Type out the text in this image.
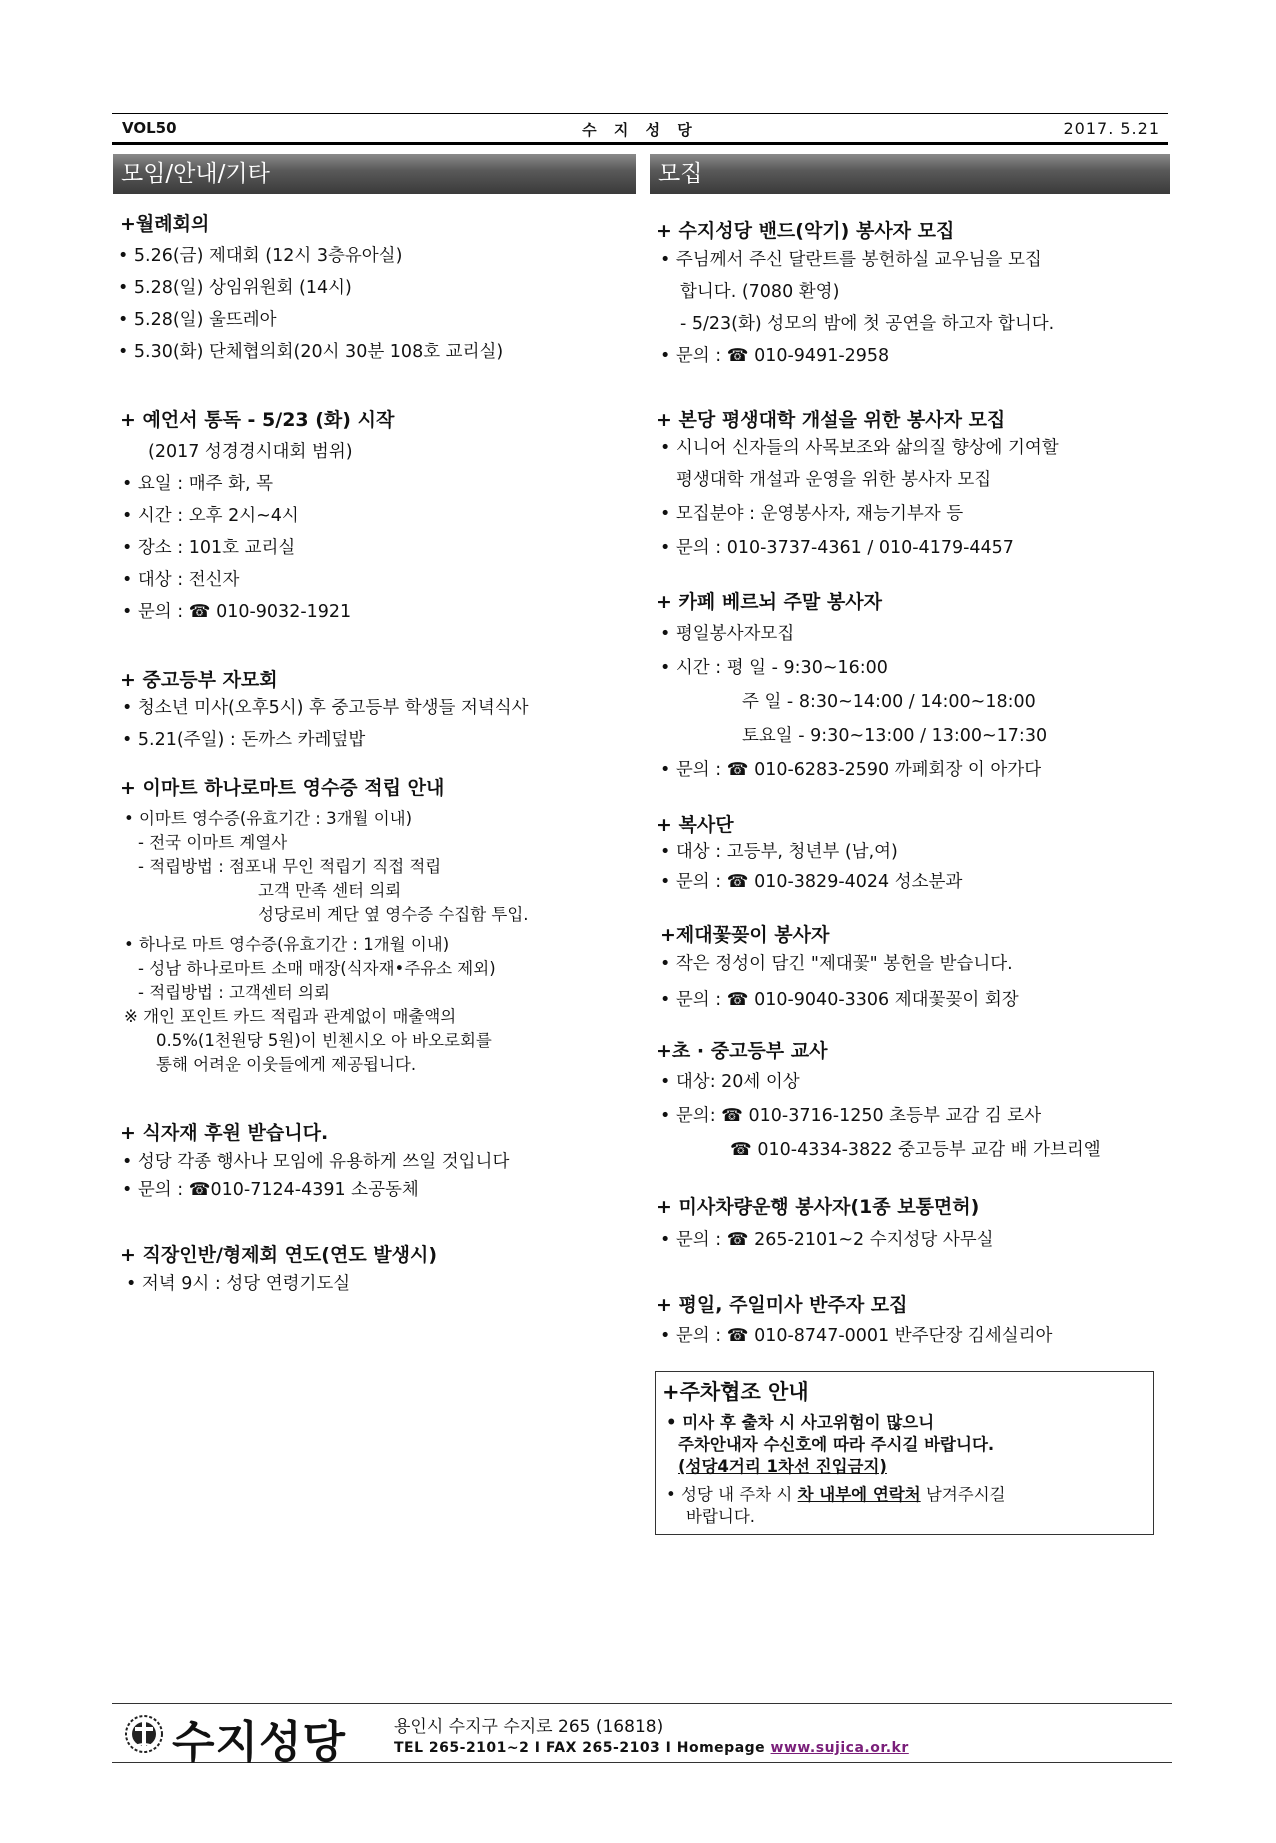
VOL50	수 지 성 당	2017. 5.21
모임/안내/기타	모집
+월례회의
• 5.26(금) 제대회 (12시 3층유아실)
• 5.28(일) 상임위원회 (14시)
• 5.28(일) 울뜨레아
• 5.30(화) 단체협의회(20시 30분 108호 교리실)
+ 예언서 통독 - 5/23 (화) 시작
(2017 성경경시대회 범위)
• 요일 : 매주 화, 목
• 시간 : 오후 2시~4시
• 장소 : 101호 교리실
• 대상 : 전신자
• 문의 : ☎ 010-9032-1921
+ 중고등부 자모회
• 청소년 미사(오후5시) 후 중고등부 학생들 저녁식사
• 5.21(주일) : 돈까스 카레덮밥
+ 이마트 하나로마트 영수증 적립 안내
• 이마트 영수증(유효기간 : 3개월 이내)
- 전국 이마트 계열사
- 적립방법 : 점포내 무인 적립기 직접 적립
고객 만족 센터 의뢰
성당로비 계단 옆 영수증 수집함 투입.
• 하나로 마트 영수증(유효기간 : 1개월 이내)
- 성남 하나로마트 소매 매장(식자재•주유소 제외)
- 적립방법 : 고객센터 의뢰
※ 개인 포인트 카드 적립과 관계없이 매출액의
0.5%(1천원당 5원)이 빈첸시오 아 바오로회를
통해 어려운 이웃들에게 제공됩니다.
+ 식자재 후원 받습니다.
• 성당 각종 행사나 모임에 유용하게 쓰일 것입니다
• 문의 : ☎010-7124-4391 소공동체
+ 직장인반/형제회 연도(연도 발생시)
• 저녁 9시 : 성당 연령기도실
+ 수지성당 밴드(악기) 봉사자 모집
• 주님께서 주신 달란트를 봉헌하실 교우님을 모집
합니다. (7080 환영)
- 5/23(화) 성모의 밤에 첫 공연을 하고자 합니다.
• 문의 : ☎ 010-9491-2958
+ 본당 평생대학 개설을 위한 봉사자 모집
• 시니어 신자들의 사목보조와 삶의질 향상에 기여할
평생대학 개설과 운영을 위한 봉사자 모집
• 모집분야 : 운영봉사자, 재능기부자 등
• 문의 : 010-3737-4361 / 010-4179-4457
+ 카페 베르뇌 주말 봉사자
• 평일봉사자모집
• 시간 : 평 일 - 9:30~16:00
주 일 - 8:30~14:00 / 14:00~18:00
토요일 - 9:30~13:00 / 13:00~17:30
• 문의 : ☎ 010-6283-2590 까페회장 이 아가다
+ 복사단
• 대상 : 고등부, 청년부 (남,여)
• 문의 : ☎ 010-3829-4024 성소분과
+제대꽃꽂이 봉사자
• 작은 정성이 담긴 "제대꽃" 봉헌을 받습니다.
• 문의 : ☎ 010-9040-3306 제대꽃꽂이 회장
+초 · 중고등부 교사
• 대상: 20세 이상
• 문의: ☎ 010-3716-1250 초등부 교감 김 로사
☎ 010-4334-3822 중고등부 교감 배 가브리엘
+ 미사차량운행 봉사자(1종 보통면허)
• 문의 : ☎ 265-2101~2 수지성당 사무실
+ 평일, 주일미사 반주자 모집
• 문의 : ☎ 010-8747-0001 반주단장 김세실리아
+주차협조 안내
• 미사 후 출차 시 사고위험이 많으니
주차안내자 수신호에 따라 주시길 바랍니다.
(성당4거리 1차선 진입금지)
• 성당 내 주차 시 차 내부에 연락처 남겨주시길
바랍니다.
수지성당	용인시 수지구 수지로 265 (16818)
TEL 265-2101~2 I FAX 265-2103 I Homepage www.sujica.or.kr
